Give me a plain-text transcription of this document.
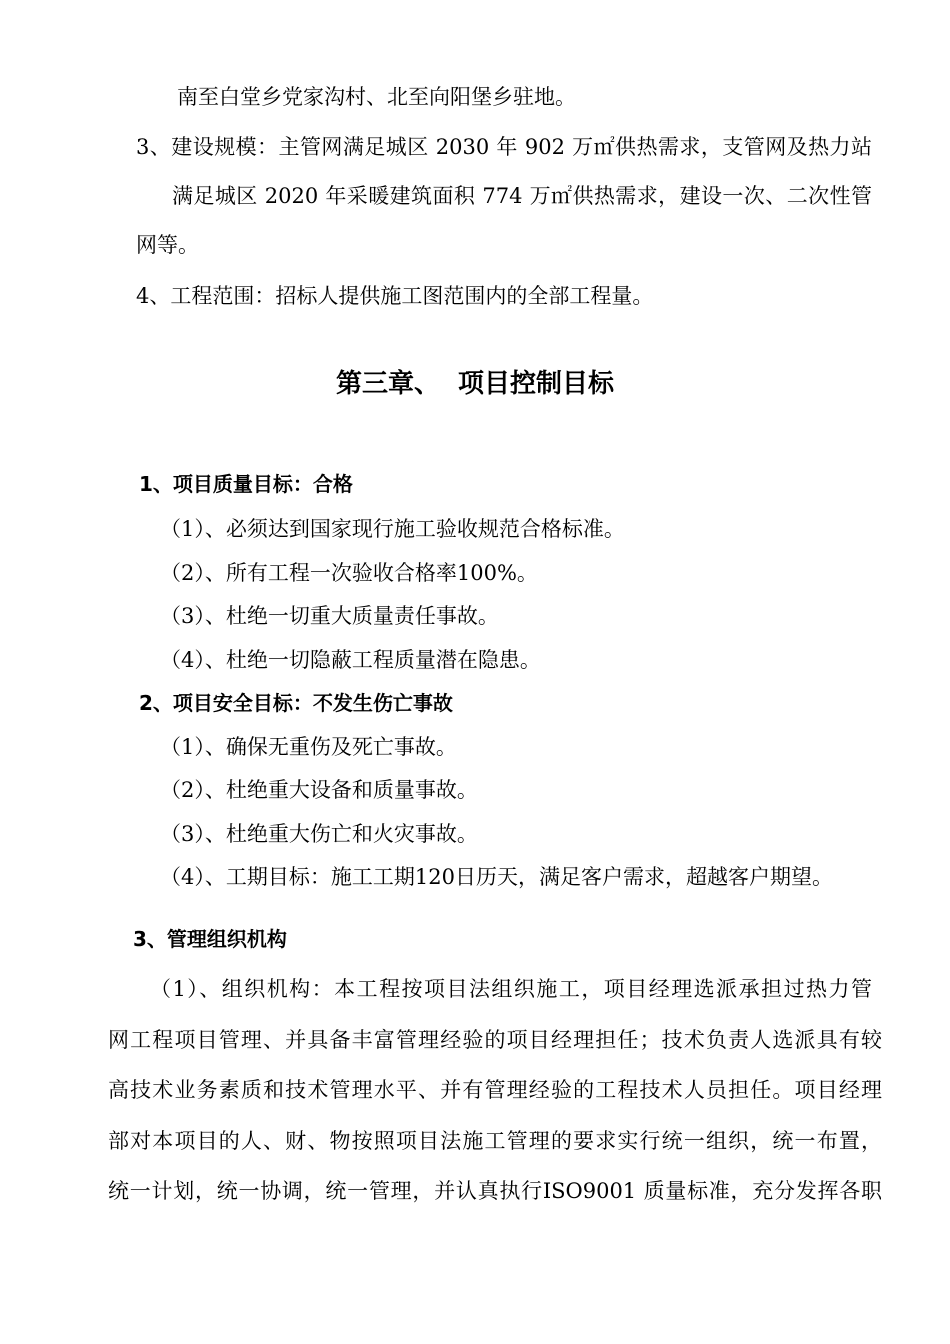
南至白堂乡党家沟村、北至向阳堡乡驻地。
3、建设规模：主管网满足城区 2030 年 902 万㎡供热需求，支管网及热力站
满足城区 2020 年采暖建筑面积 774 万㎡供热需求，建设一次、二次性管
网等。
4、工程范围：招标人提供施工图范围内的全部工程量。
第三章、  项目控制目标
1、项目质量目标：合格
（1）、必须达到国家现行施工验收规范合格标准。
（2）、所有工程一次验收合格率100%。
（3）、杜绝一切重大质量责任事故。
（4）、杜绝一切隐蔽工程质量潜在隐患。
2、项目安全目标：不发生伤亡事故
（1）、确保无重伤及死亡事故。
（2）、杜绝重大设备和质量事故。
（3）、杜绝重大伤亡和火灾事故。
（4）、工期目标：施工工期120日历天，满足客户需求，超越客户期望。
3、管理组织机构
（1）、组织机构：本工程按项目法组织施工，项目经理选派承担过热力管
网工程项目管理、并具备丰富管理经验的项目经理担任；技术负责人选派具有较
高技术业务素质和技术管理水平、并有管理经验的工程技术人员担任。项目经理
部对本项目的人、财、物按照项目法施工管理的要求实行统一组织，统一布置，
统一计划，统一协调，统一管理，并认真执行ISO9001 质量标准，充分发挥各职
